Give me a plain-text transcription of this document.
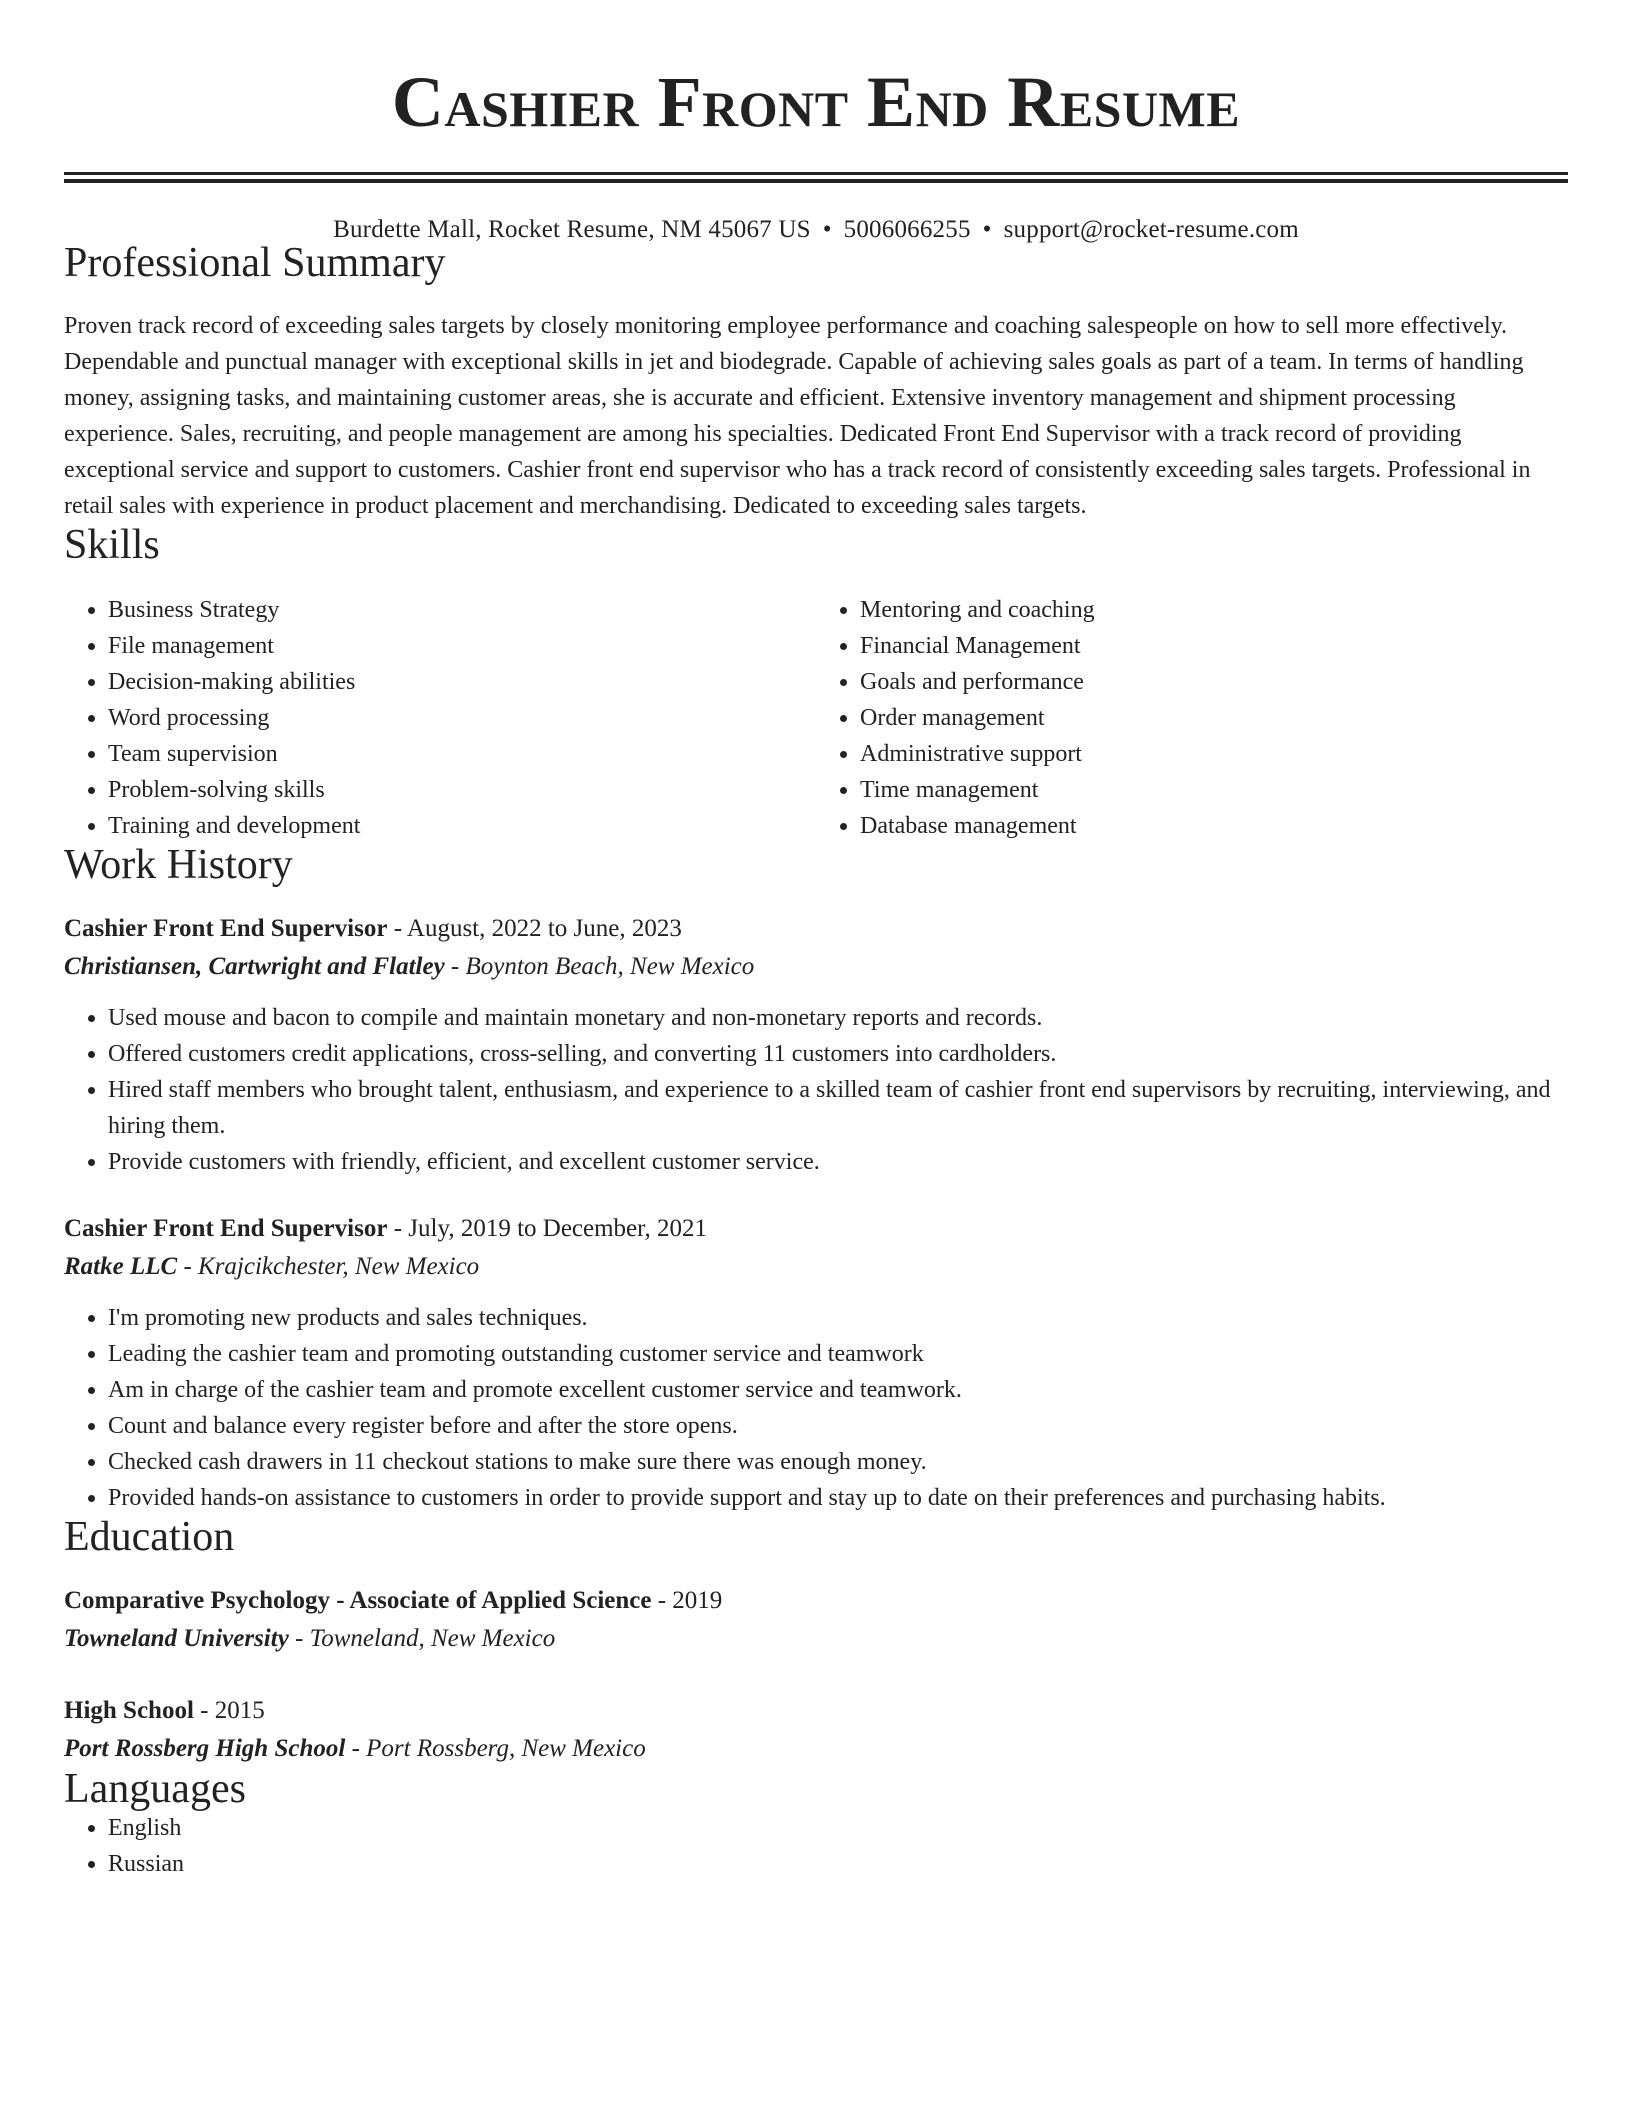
Cashier Front End Resume
Burdette Mall, Rocket Resume, NM 45067 US • 5006066255 • support@rocket-resume.com
Professional Summary

Proven track record of exceeding sales targets by closely monitoring employee performance and coaching salespeople on how to sell more effectively. Dependable and punctual manager with exceptional skills in jet and biodegrade. Capable of achieving sales goals as part of a team. In terms of handling money, assigning tasks, and maintaining customer areas, she is accurate and efficient. Extensive inventory management and shipment processing experience. Sales, recruiting, and people management are among his specialties. Dedicated Front End Supervisor with a track record of providing exceptional service and support to customers. Cashier front end supervisor who has a track record of consistently exceeding sales targets. Professional in retail sales with experience in product placement and merchandising. Dedicated to exceeding sales targets.

Skills
• Business Strategy
• File management
• Decision-making abilities
• Word processing
• Team supervision
• Problem-solving skills
• Training and development
• Mentoring and coaching
• Financial Management
• Goals and performance
• Order management
• Administrative support
• Time management
• Database management
Work History
Cashier Front End Supervisor - August, 2022 to June, 2023
Christiansen, Cartwright and Flatley - Boynton Beach, New Mexico
• Used mouse and bacon to compile and maintain monetary and non-monetary reports and records.
• Offered customers credit applications, cross-selling, and converting 11 customers into cardholders.
• Hired staff members who brought talent, enthusiasm, and experience to a skilled team of cashier front end supervisors by recruiting, interviewing, and hiring them.
• Provide customers with friendly, efficient, and excellent customer service.
Cashier Front End Supervisor - July, 2019 to December, 2021
Ratke LLC - Krajcikchester, New Mexico
• I'm promoting new products and sales techniques.
• Leading the cashier team and promoting outstanding customer service and teamwork
• Am in charge of the cashier team and promote excellent customer service and teamwork.
• Count and balance every register before and after the store opens.
• Checked cash drawers in 11 checkout stations to make sure there was enough money.
• Provided hands-on assistance to customers in order to provide support and stay up to date on their preferences and purchasing habits.
Education
Comparative Psychology - Associate of Applied Science - 2019
Towneland University - Towneland, New Mexico
High School - 2015
Port Rossberg High School - Port Rossberg, New Mexico
Languages
• English
• Russian
